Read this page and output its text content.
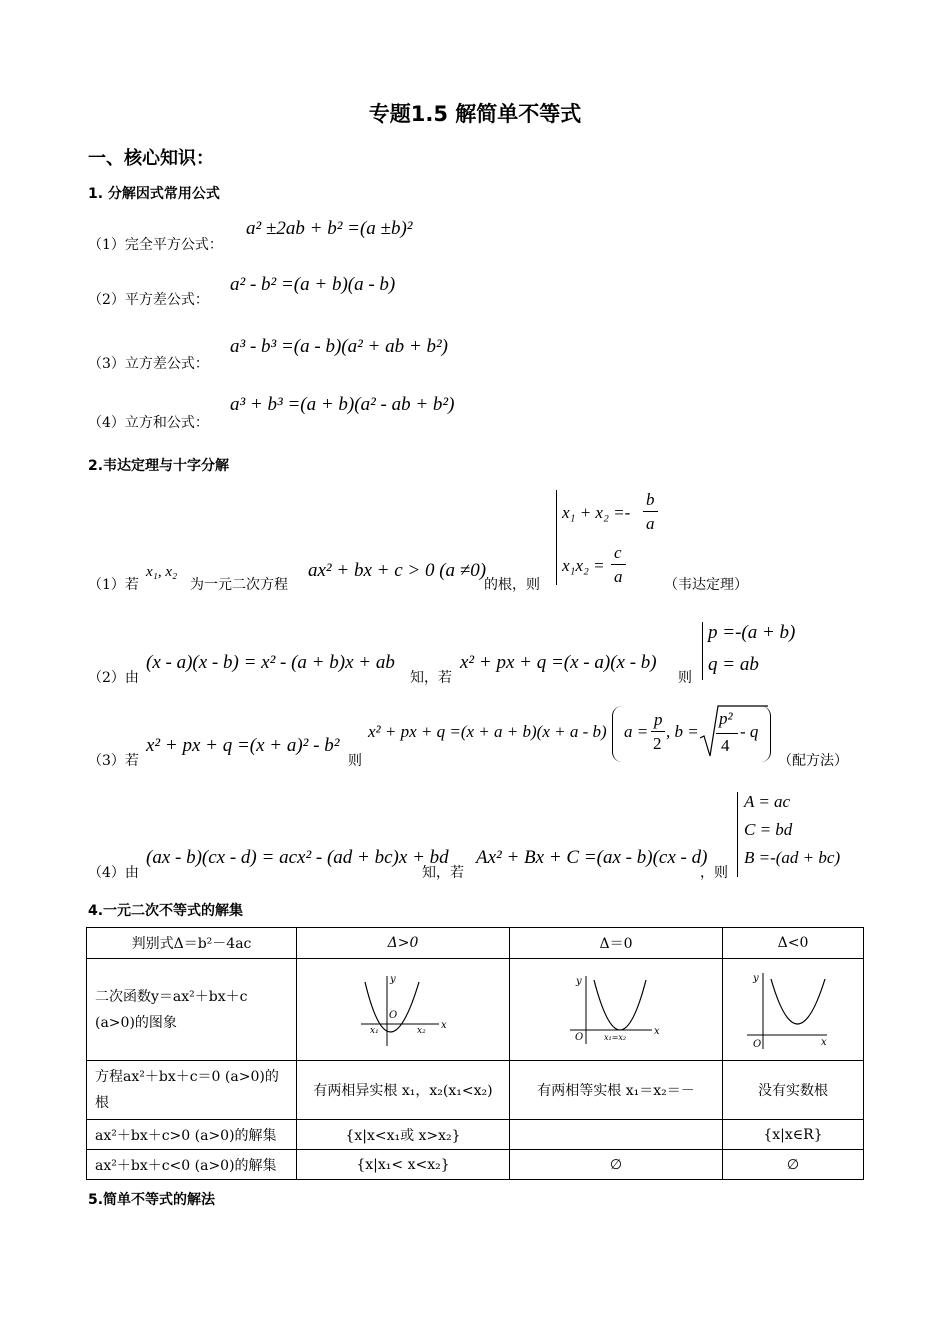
专题1.5 解简单不等式
一、核心知识：
1. 分解因式常用公式
（1）完全平方公式：
a² ±2ab + b² =(a ±b)²
（2）平方差公式：
a² - b² =(a + b)(a - b)
（3）立方差公式：
a³ - b³ =(a - b)(a² + ab + b²)
（4）立方和公式：
a³ + b³ =(a + b)(a² - ab + b²)
2.韦达定理与十字分解
（1）若
x₁, x₂
为一元二次方程
ax² + bx + c > 0 (a ≠0)
的根，则
x₁ + x₂ =-
b
a
x₁x₂ =
c
a	（韦达定理）
（2）由
(x - a)(x - b) = x² - (a + b)x + ab
知，若
x² + px + q =(x - a)(x - b)
则
p =-(a + b)
q = ab
（3）若
x² + px + q =(x + a)² - b²
则
x² + px + q =(x + a + b)(x + a - b) a =
p
2
, b =
p²
4
- q
（配方法）
（4）由
(ax - b)(cx - d) = acx² - (ad + bc)x + bd
知，若
Ax² + Bx + C =(ax - b)(cx - d)
，则
A = ac
C = bd
B =-(ad + bc)
4.一元二次不等式的解集
判别式Δ＝b²－4ac	Δ>0	Δ＝0	Δ<0
二次函数y＝ax²＋bx＋c (a>0)的图象	y
x
O
x₁ x₂	y
x
O x₁=x₂	y
x
O

方程ax²＋bx＋c＝0 (a>0)的根	有两相异实根 x₁，x₂(x₁<x₂)	有两相等实根 x₁＝x₂＝－	没有实数根
ax²＋bx＋c>0 (a>0)的解集	{x|x<x₁或 x>x₂}		{x|x∈R}
ax²＋bx＋c<0 (a>0)的解集	{x|x₁< x<x₂}	∅	∅
5.简单不等式的解法
